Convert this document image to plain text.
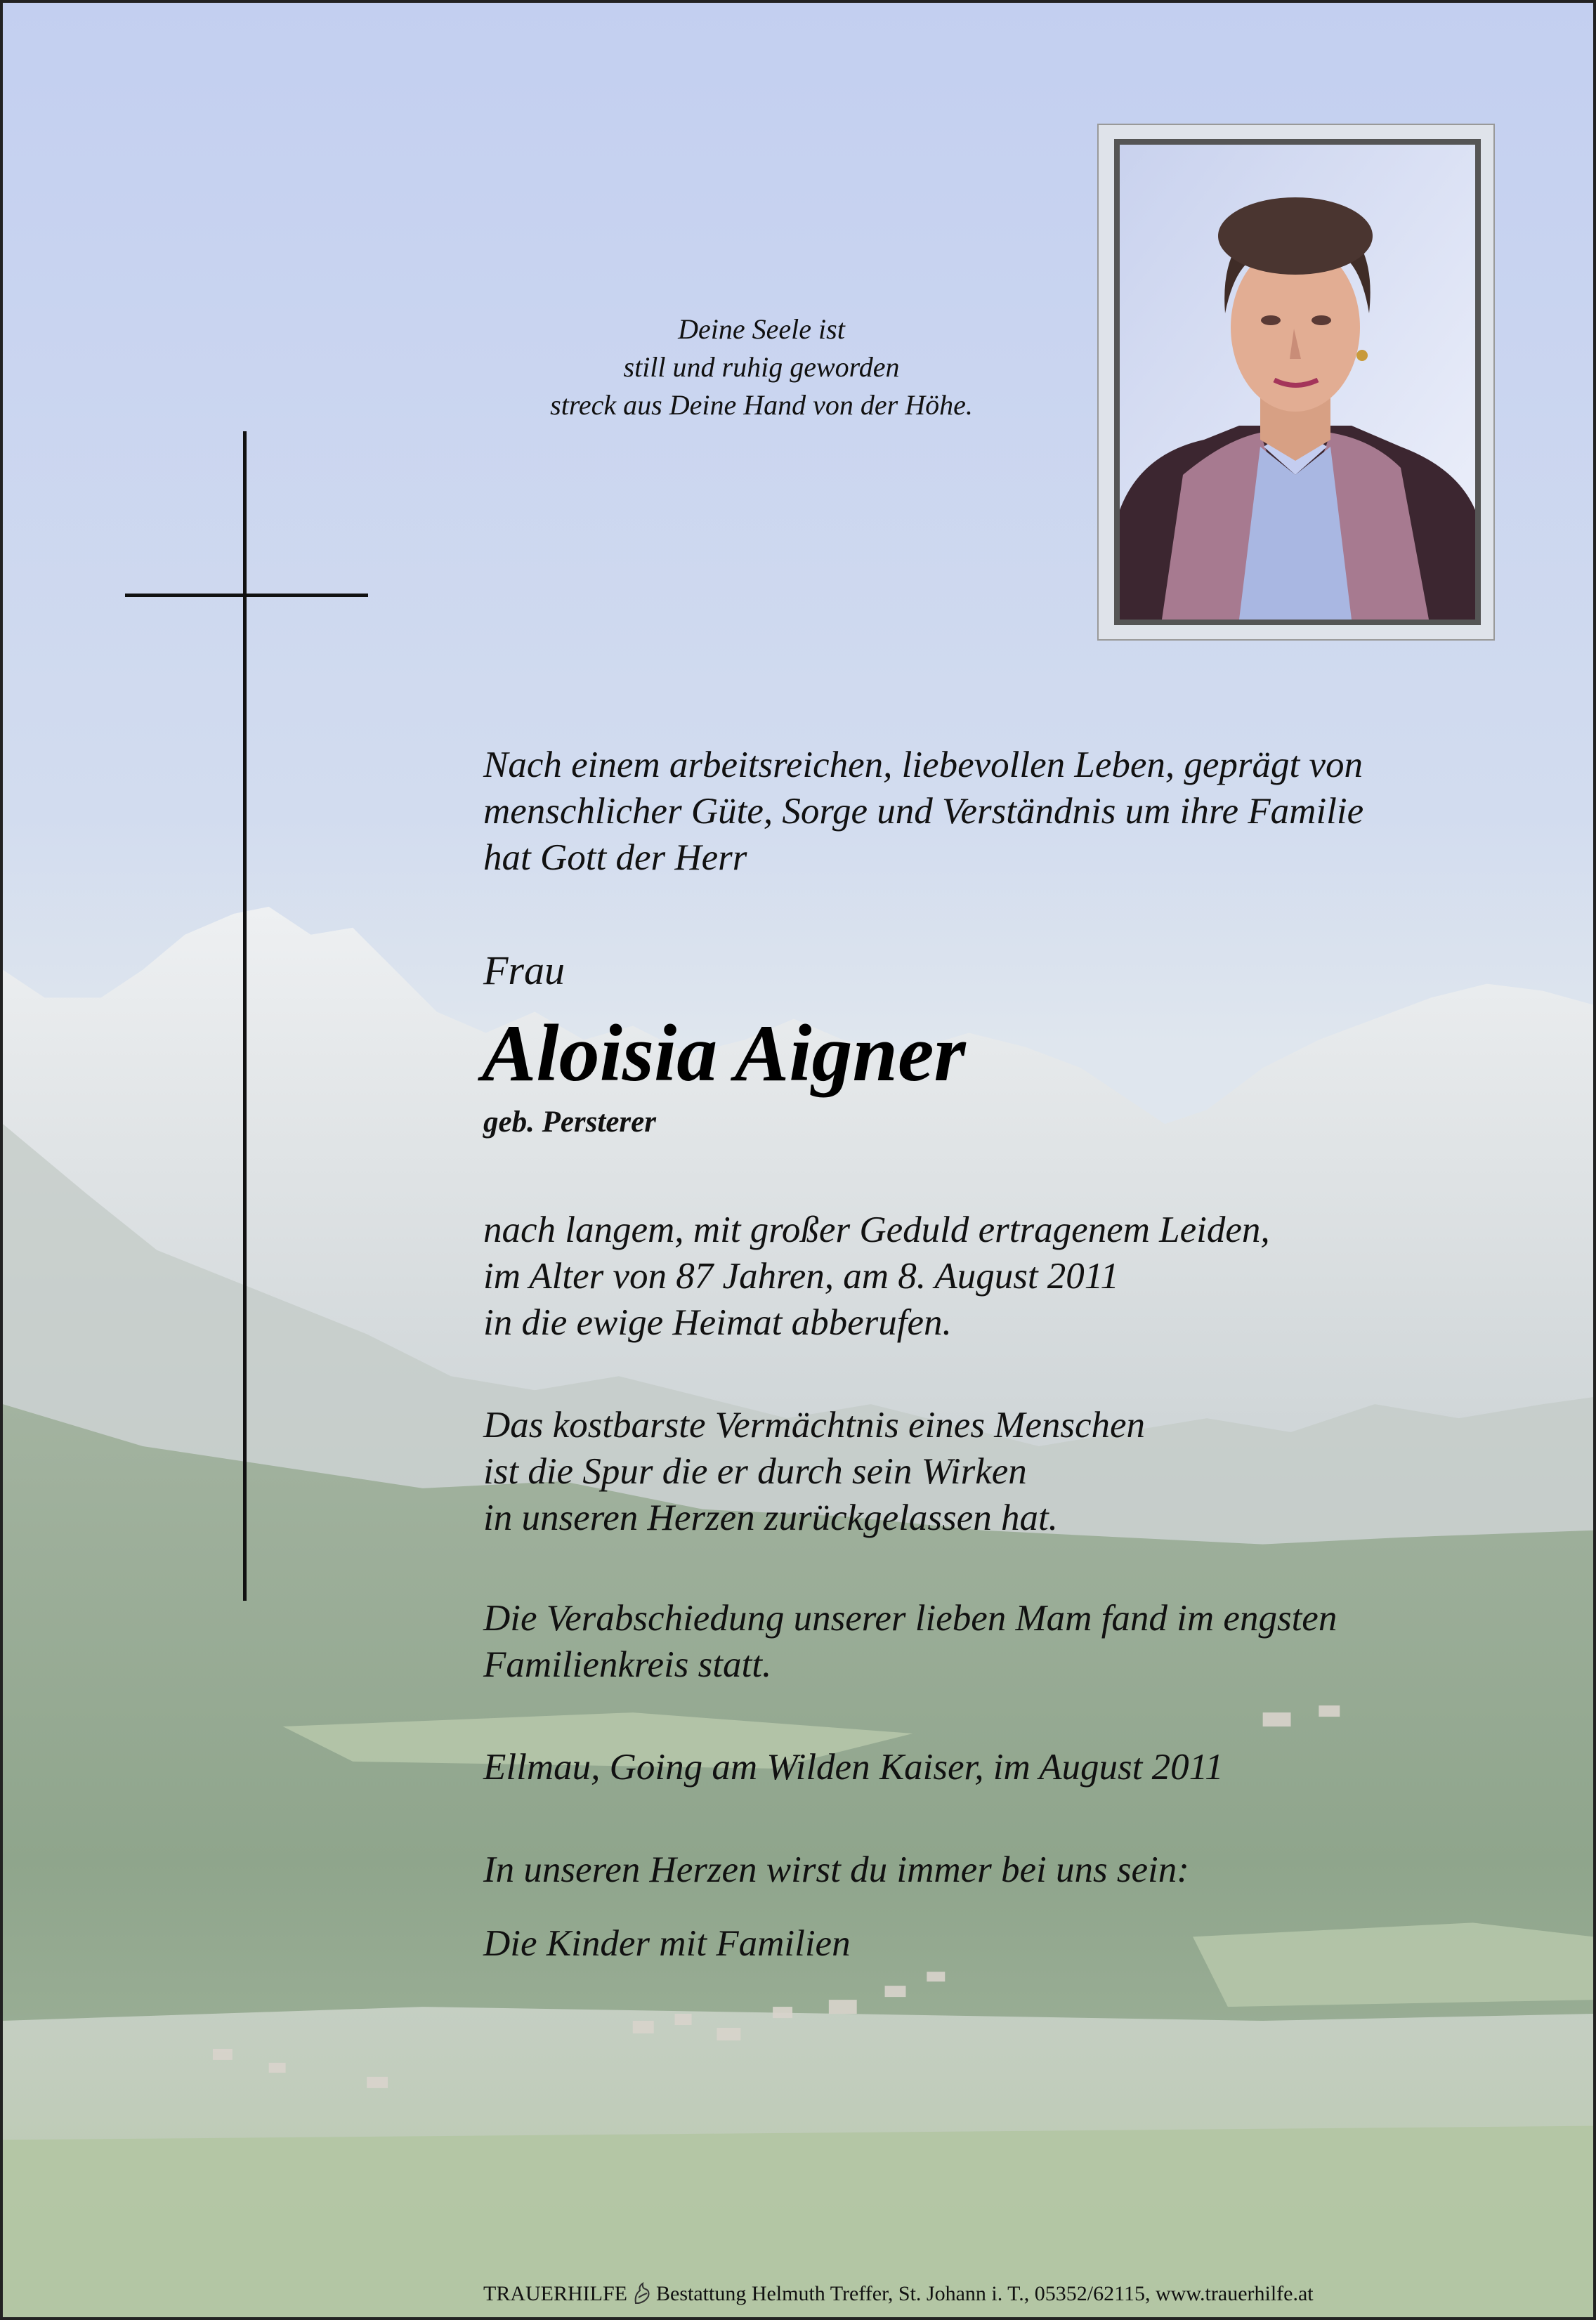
Deine Seele ist
still und ruhig geworden
streck aus Deine Hand von der Höhe.
Nach einem arbeitsreichen, liebevollen Leben, geprägt von
menschlicher Güte, Sorge und Verständnis um ihre Familie
hat Gott der Herr
Frau
Aloisia Aigner
geb. Persterer
nach langem, mit großer Geduld ertragenem Leiden,
im Alter von 87 Jahren, am 8. August 2011
in die ewige Heimat abberufen.
Das kostbarste Vermächtnis eines Menschen
ist die Spur die er durch sein Wirken
in unseren Herzen zurückgelassen hat.
Die Verabschiedung unserer lieben Mam fand im engsten
Familienkreis statt.
Ellmau, Going am Wilden Kaiser, im August 2011
In unseren Herzen wirst du immer bei uns sein:
Die Kinder mit Familien
TRAUERHILFE Bestattung Helmuth Treffer, St. Johann i. T., 05352/62115, www.trauerhilfe.at
